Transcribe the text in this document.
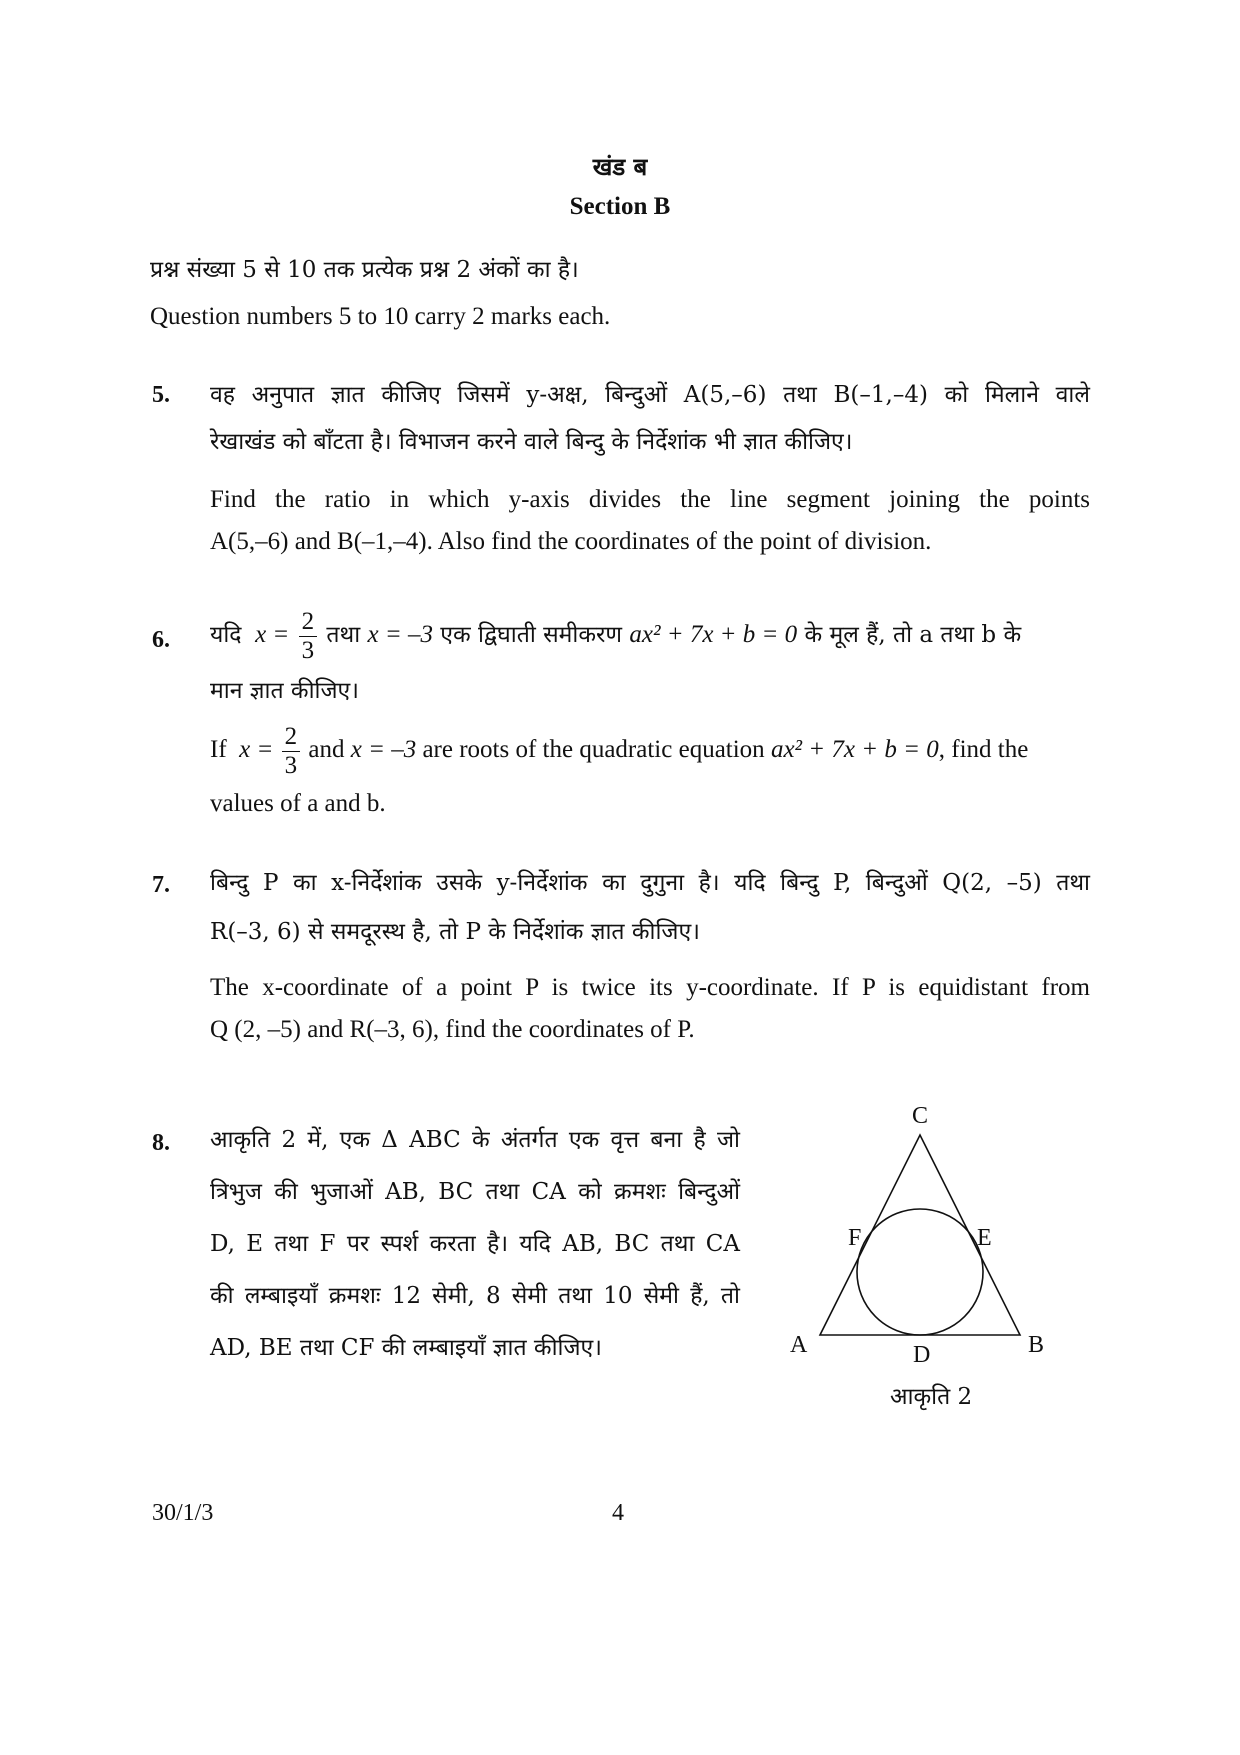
खंड ब
Section B
प्रश्न संख्या 5 से 10 तक प्रत्येक प्रश्न 2 अंकों का है।
Question numbers 5 to 10 carry 2 marks each.
5. वह अनुपात ज्ञात कीजिए जिसमें y-अक्ष, बिन्दुओं A(5,–6) तथा B(–1,–4) को मिलाने वाले
रेखाखंड को बाँटता है। विभाजन करने वाले बिन्दु के निर्देशांक भी ज्ञात कीजिए।
Find the ratio in which y-axis divides the line segment joining the points
A(5,–6) and B(–1,–4). Also find the coordinates of the point of division.
6. यदि  $x = \frac{2}{3}$ तथा x = –3 एक द्विघाती समीकरण ax² + 7x + b = 0 के मूल हैं, तो a तथा b के
मान ज्ञात कीजिए।
If  $x = \frac{2}{3}$ and x = –3 are roots of the quadratic equation ax² + 7x + b = 0, find the
values of a and b.
7. बिन्दु P का x-निर्देशांक उसके y-निर्देशांक का दुगुना है। यदि बिन्दु P, बिन्दुओं Q(2, –5) तथा
R(–3, 6) से समदूरस्थ है, तो P के निर्देशांक ज्ञात कीजिए।
The x-coordinate of a point P is twice its y-coordinate. If P is equidistant from
Q (2, –5) and R(–3, 6), find the coordinates of P.
8. आकृति 2 में, एक Δ ABC के अंतर्गत एक वृत्त बना है जो
त्रिभुज की भुजाओं AB, BC तथा CA को क्रमशः बिन्दुओं
D, E तथा F पर स्पर्श करता है। यदि AB, BC तथा CA
की लम्बाइयाँ क्रमशः 12 सेमी, 8 सेमी तथा 10 सेमी हैं, तो
AD, BE तथा CF की लम्बाइयाँ ज्ञात कीजिए।
C
A	B
D
E
F
आकृति 2
30/1/3	4
